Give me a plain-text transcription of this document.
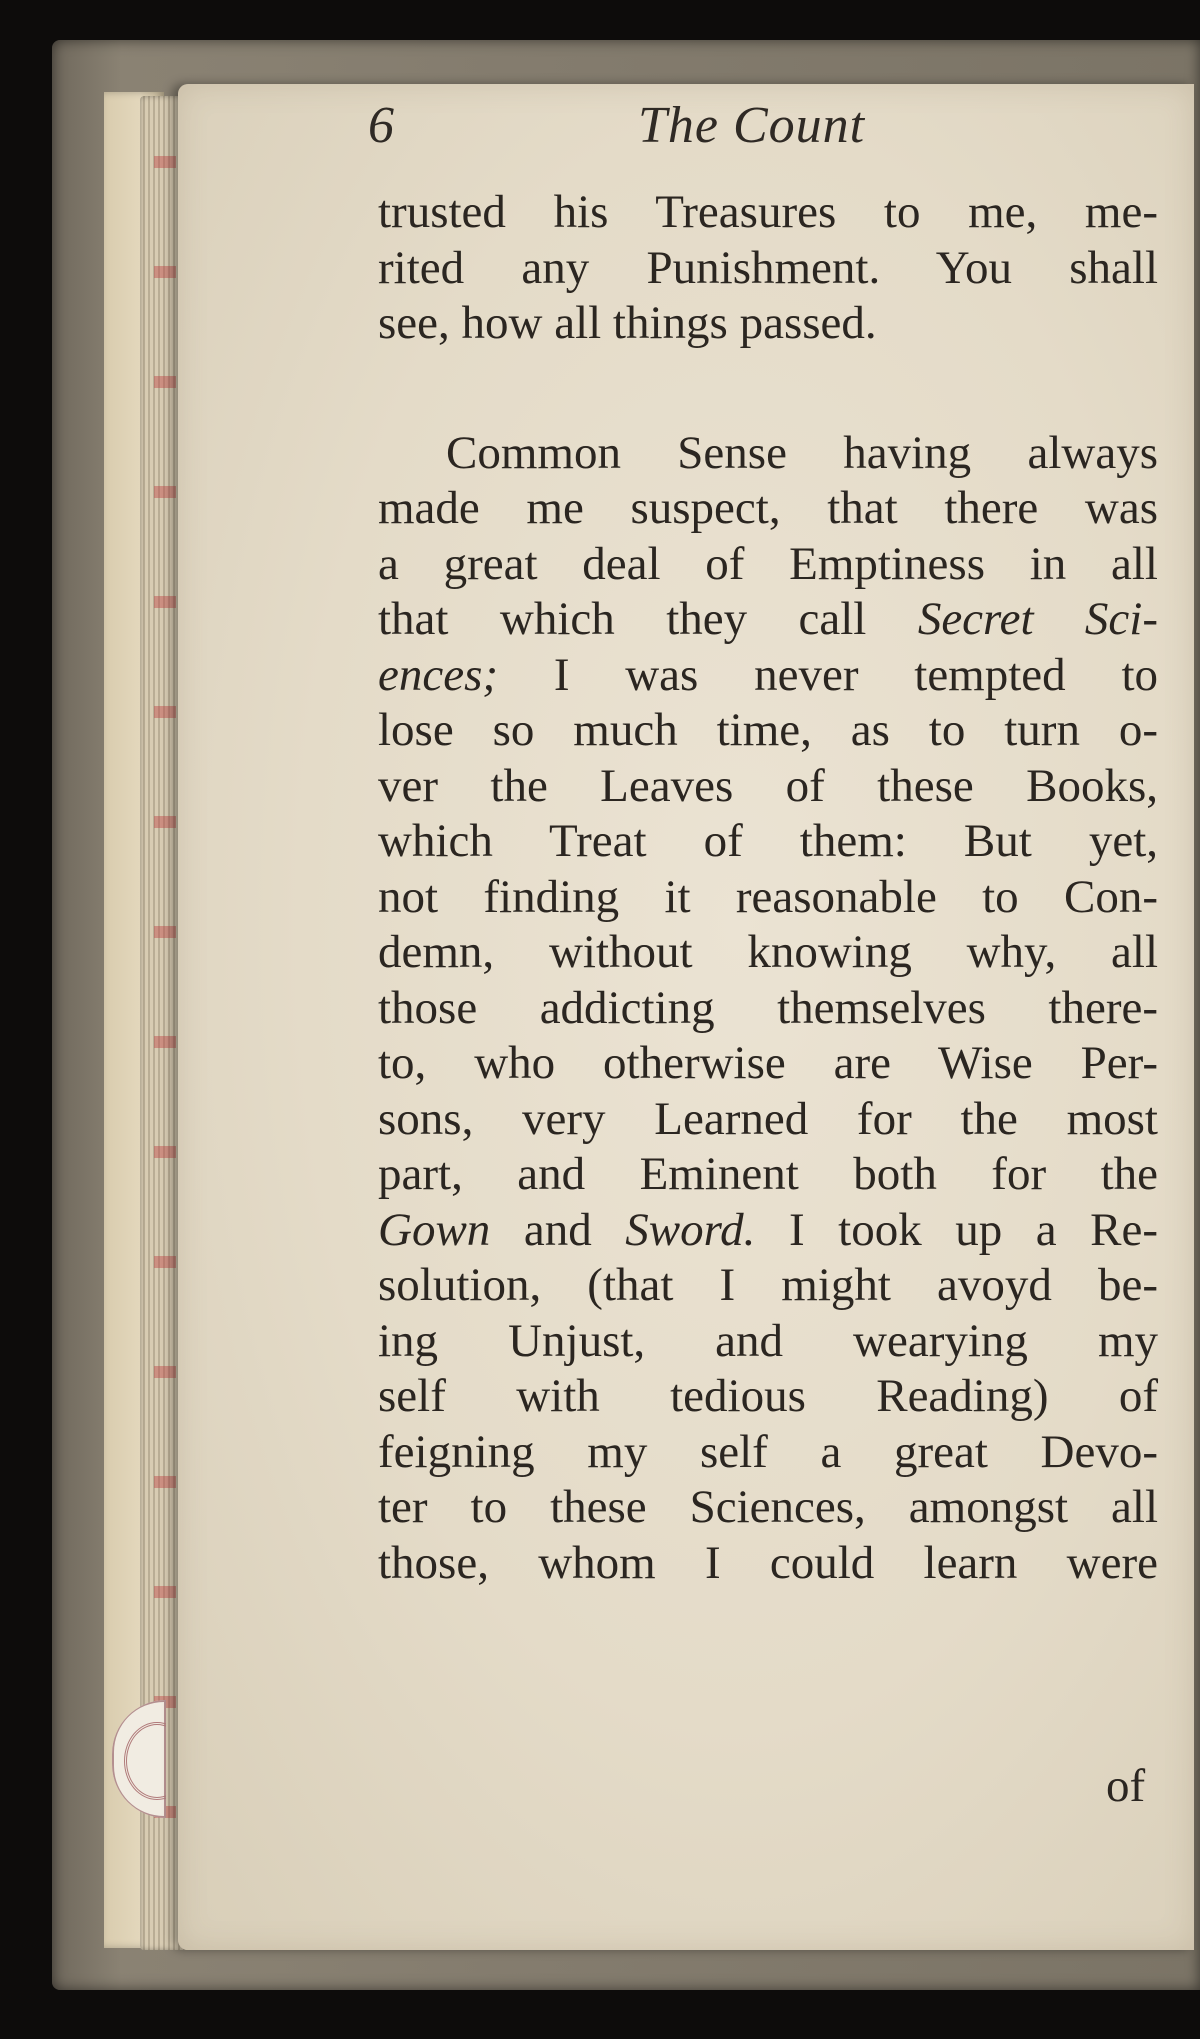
6	The Count

trusted his Treasures to me, me-
rited any Punishment. You shall
see, how all things passed.
Common Sense having always
made me suspect, that there was
a great deal of Emptiness in all
that which they call Secret Sci-
ences; I was never tempted to
lose so much time, as to turn o-
ver the Leaves of these Books,
which Treat of them: But yet,
not finding it reasonable to Con-
demn, without knowing why, all
those addicting themselves there-
to, who otherwise are Wise Per-
sons, very Learned for the most
part, and Eminent both for the
Gown and Sword. I took up a Re-
solution, (that I might avoyd be-
ing Unjust, and wearying my
self with tedious Reading) of
feigning my self a great Devo-
ter to these Sciences, amongst all
those, whom I could learn were

of
